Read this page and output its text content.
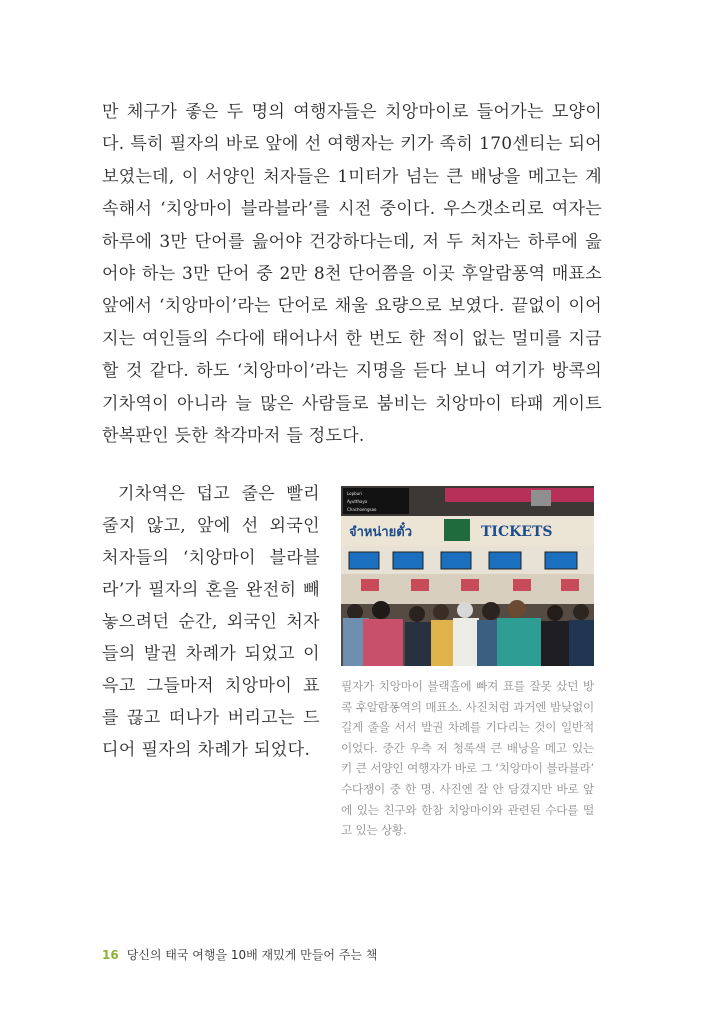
만 체구가 좋은 두 명의 여행자들은 치앙마이로 들어가는 모양이다. 특히 필자의 바로 앞에 선 여행자는 키가 족히 170센티는 되어 보였는데, 이 서양인 처자들은 1미터가 넘는 큰 배낭을 메고는 계속해서 ‘치앙마이 블라블라’를 시전 중이다. 우스갯소리로 여자는 하루에 3만 단어를 읊어야 건강하다는데, 저 두 처자는 하루에 읊어야 하는 3만 단어 중 2만 8천 단어쯤을 이곳 후알람퐁역 매표소 앞에서 ‘치앙마이’라는 단어로 채울 요량으로 보였다. 끝없이 이어지는 여인들의 수다에 태어나서 한 번도 한 적이 없는 멀미를 지금 할 것 같다. 하도 ‘치앙마이’라는 지명을 듣다 보니 여기가 방콕의 기차역이 아니라 늘 많은 사람들로 붐비는 치앙마이 타패 게이트 한복판인 듯한 착각마저 들 정도다.

기차역은 덥고 줄은 빨리 줄지 않고, 앞에 선 외국인 처자들의 ‘치앙마이 블라블라’가 필자의 혼을 완전히 빼놓으려던 순간, 외국인 처자들의 발권 차례가 되었고 이윽고 그들마저 치앙마이 표를 끊고 떠나가 버리고는 드디어 필자의 차례가 되었다.

Lopburi
Ayutthaya
Chachoengsao
จำหน่ายตั๋ว	TICKETS

필자가 치앙마이 블랙홀에 빠져 표를 잘못 샀던 방콕 후알람퐁역의 매표소. 사진처럼 과거엔 밤낮없이 길게 줄을 서서 발권 차례를 기다리는 것이 일반적이었다. 중간 우측 저 청록색 큰 배낭을 메고 있는 키 큰 서양인 여행자가 바로 그 ‘치앙마이 블라블라’ 수다쟁이 중 한 명. 사진엔 잘 안 담겼지만 바로 앞에 있는 친구와 한참 치앙마이와 관련된 수다를 떨고 있는 상황.

16 당신의 태국 여행을 10배 재밌게 만들어 주는 책
